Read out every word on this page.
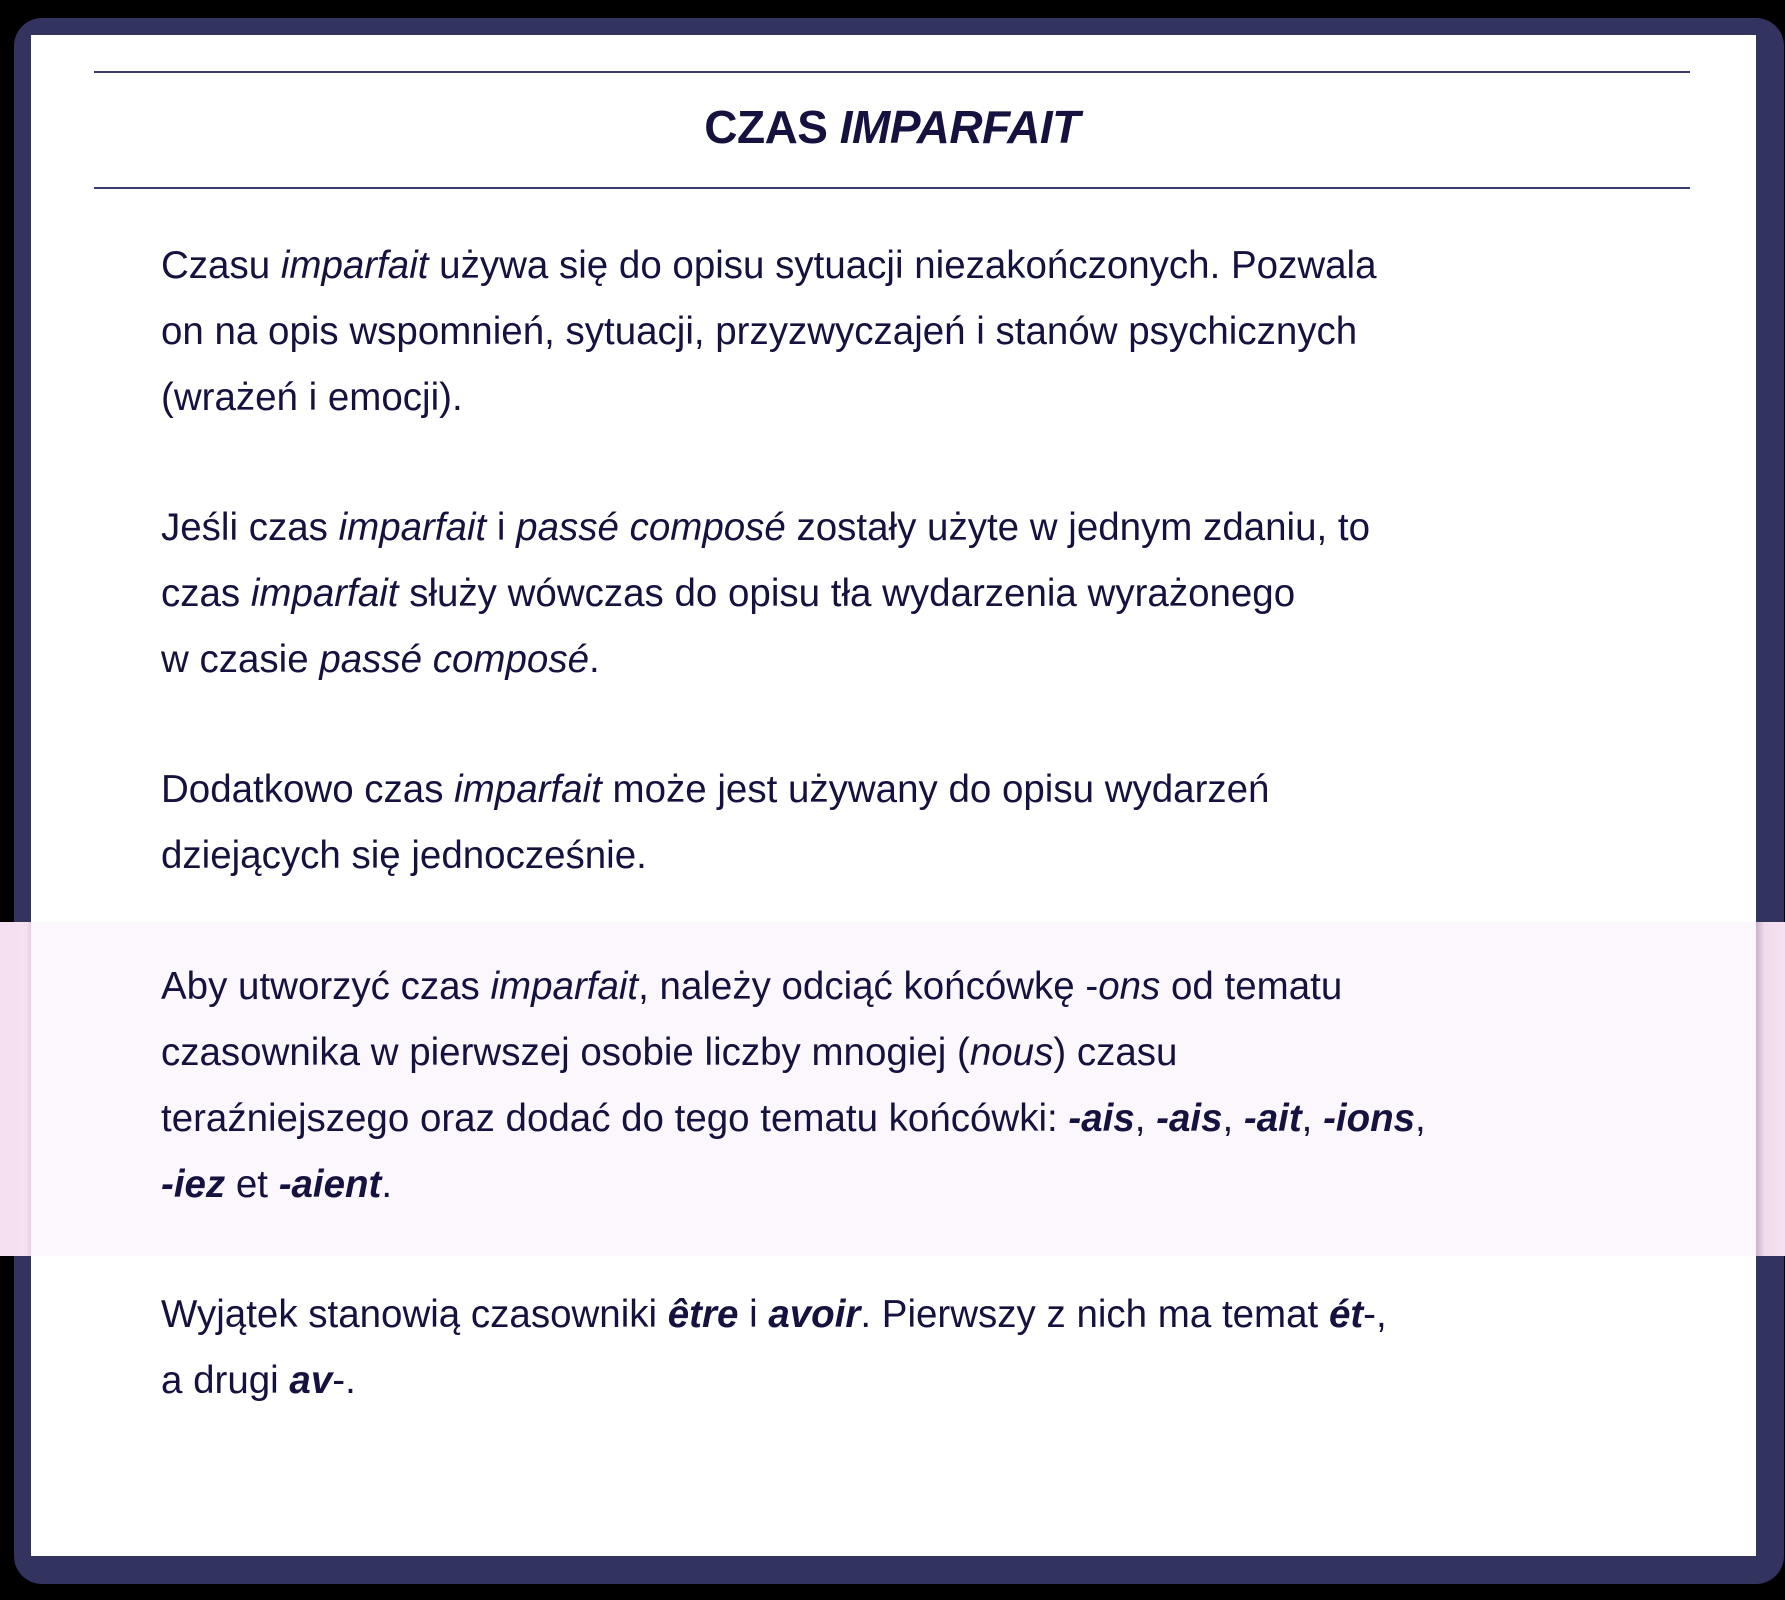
CZAS IMPARFAIT
Czasu imparfait używa się do opisu sytuacji niezakończonych. Pozwala
on na opis wspomnień, sytuacji, przyzwyczajeń i stanów psychicznych
(wrażeń i emocji).
Jeśli czas imparfait i passé composé zostały użyte w jednym zdaniu, to
czas imparfait służy wówczas do opisu tła wydarzenia wyrażonego
w czasie passé composé.
Dodatkowo czas imparfait może jest używany do opisu wydarzeń
dziejących się jednocześnie.
Aby utworzyć czas imparfait, należy odciąć końcówkę -ons od tematu
czasownika w pierwszej osobie liczby mnogiej (nous) czasu
teraźniejszego oraz dodać do tego tematu końcówki: -ais, -ais, -ait, -ions,
-iez et -aient.
Wyjątek stanowią czasowniki être i avoir. Pierwszy z nich ma temat ét-,
a drugi av-.
